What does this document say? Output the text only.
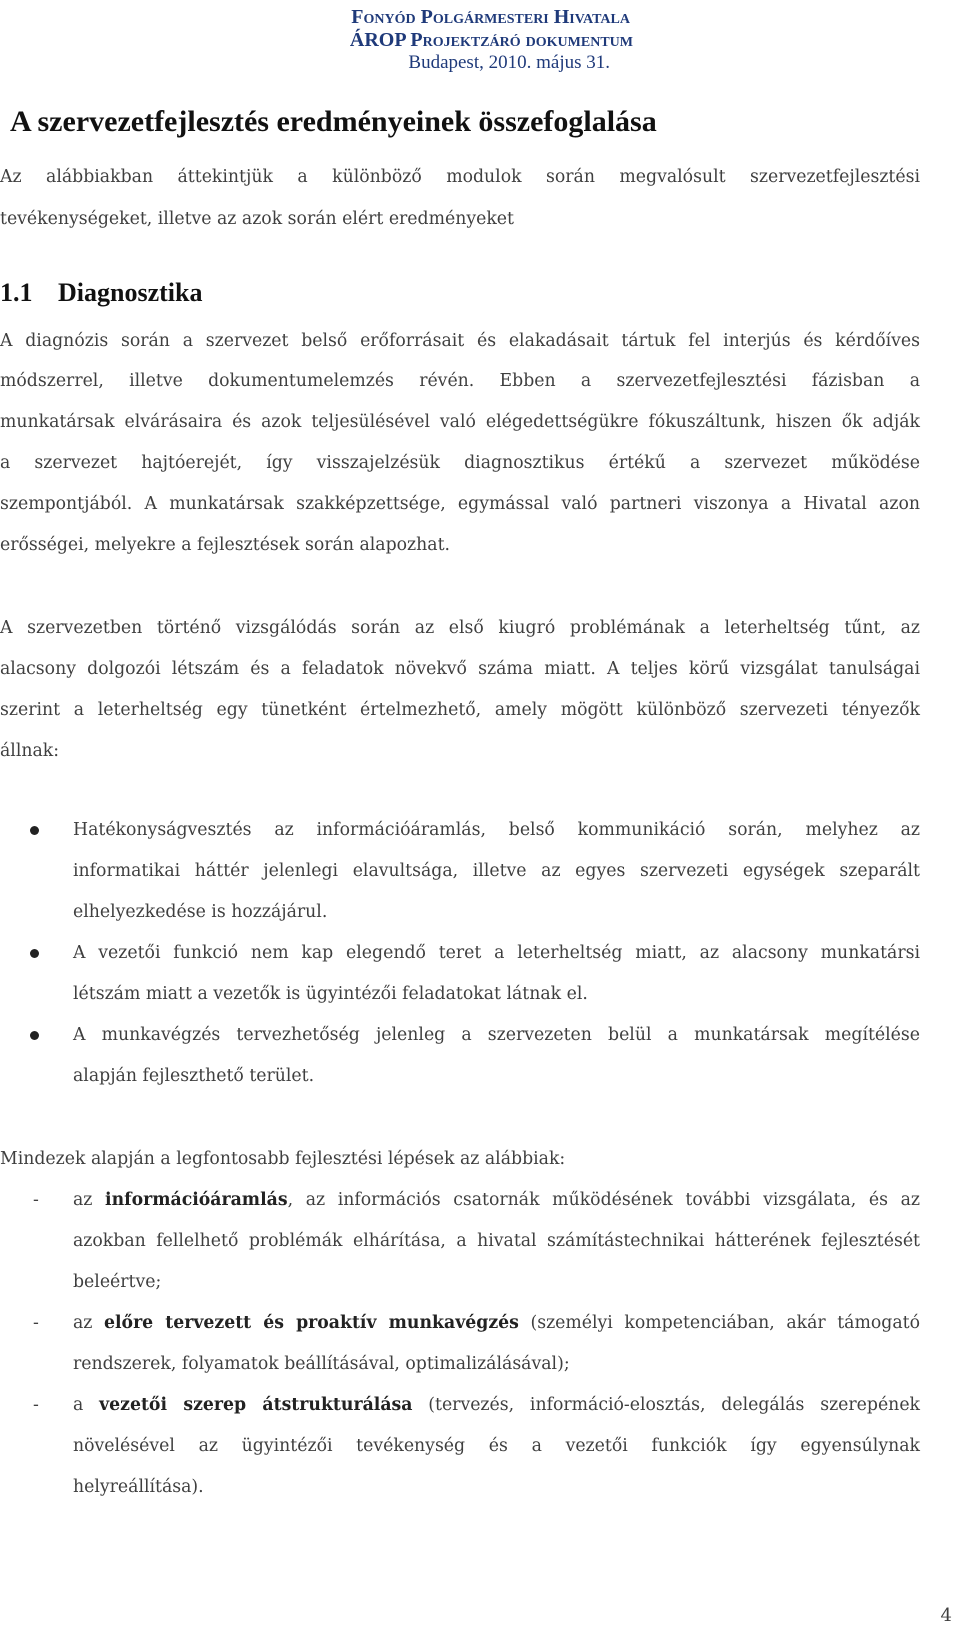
Fonyód Polgármesteri Hivatala
ÁROP Projektzáró dokumentum
Budapest, 2010. május 31.
A szervezetfejlesztés eredményeinek összefoglalása
Az alábbiakban áttekintjük a különböző modulok során megvalósult szervezetfejlesztési
tevékenységeket, illetve az azok során elért eredményeket
1.1 Diagnosztika
A diagnózis során a szervezet belső erőforrásait és elakadásait tártuk fel interjús és kérdőíves
módszerrel, illetve dokumentumelemzés révén. Ebben a szervezetfejlesztési fázisban a
munkatársak elvárásaira és azok teljesülésével való elégedettségükre fókuszáltunk, hiszen ők adják
a szervezet hajtóerejét, így visszajelzésük diagnosztikus értékű a szervezet működése
szempontjából. A munkatársak szakképzettsége, egymással való partneri viszonya a Hivatal azon
erősségei, melyekre a fejlesztések során alapozhat.
A szervezetben történő vizsgálódás során az első kiugró problémának a leterheltség tűnt, az
alacsony dolgozói létszám és a feladatok növekvő száma miatt. A teljes körű vizsgálat tanulságai
szerint a leterheltség egy tünetként értelmezhető, amely mögött különböző szervezeti tényezők
állnak:
Hatékonyságvesztés az információáramlás, belső kommunikáció során, melyhez az
informatikai háttér jelenlegi elavultsága, illetve az egyes szervezeti egységek szeparált
elhelyezkedése is hozzájárul.
A vezetői funkció nem kap elegendő teret a leterheltség miatt, az alacsony munkatársi
létszám miatt a vezetők is ügyintézői feladatokat látnak el.
A munkavégzés tervezhetőség jelenleg a szervezeten belül a munkatársak megítélése
alapján fejleszthető terület.
Mindezek alapján a legfontosabb fejlesztési lépések az alábbiak:
- az információáramlás, az információs csatornák működésének további vizsgálata, és az
azokban fellelhető problémák elhárítása, a hivatal számítástechnikai hátterének fejlesztését
beleértve;
- az előre tervezett és proaktív munkavégzés (személyi kompetenciában, akár támogató
rendszerek, folyamatok beállításával, optimalizálásával);
- a vezetői szerep átstrukturálása (tervezés, információ-elosztás, delegálás szerepének
növelésével az ügyintézői tevékenység és a vezetői funkciók így egyensúlynak
helyreállítása).
4
